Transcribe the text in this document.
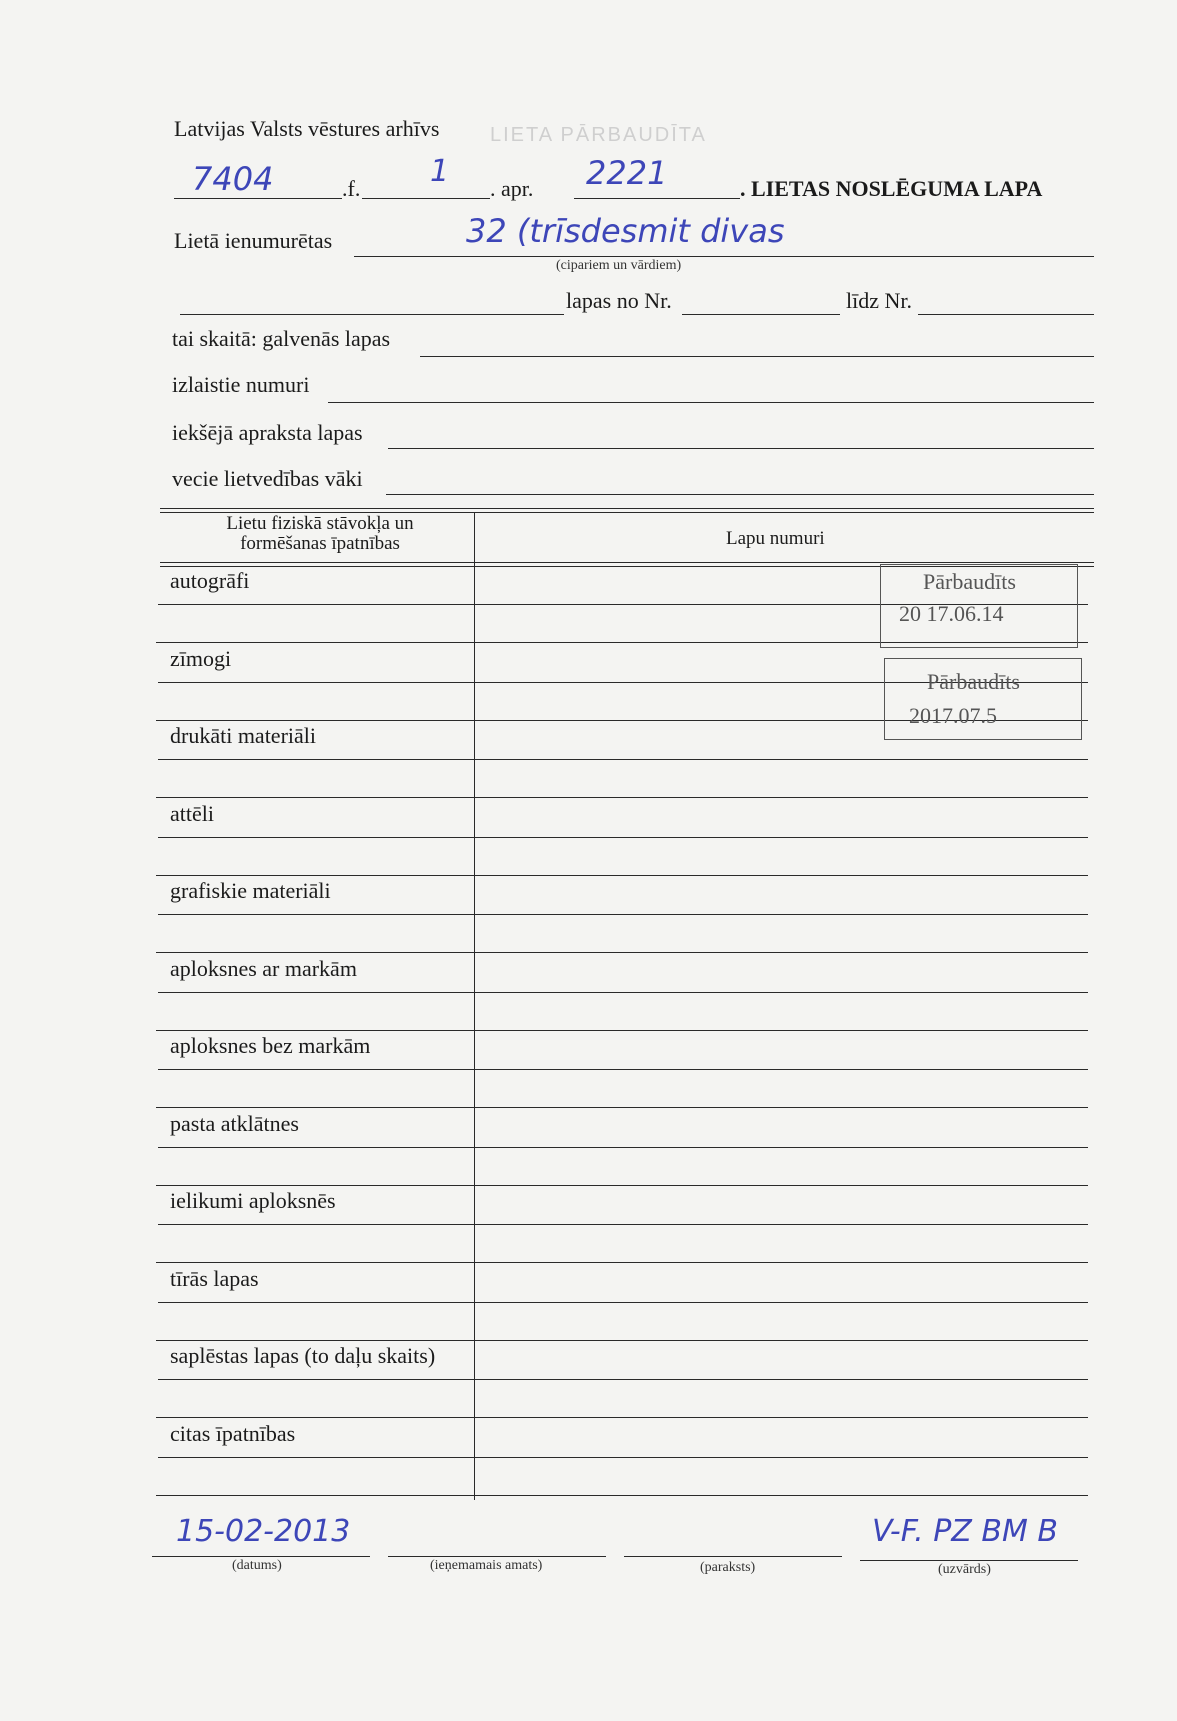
LIETA PĀRBAUDĪTA
Latvijas Valsts vēstures arhīvs
7404	.f. 1 . apr. 2221	. LIETAS NOSLĒGUMA LAPA
Lietā ienumurētas	32 (trīsdesmit divas
(cipariem un vārdiem)
lapas no Nr.	līdz Nr.
tai skaitā: galvenās lapas
izlaistie numuri
iekšējā apraksta lapas
vecie lietvedības vāki
Lietu fiziskā stāvokļa un formēšanas īpatnības	Lapu numuri
autogrāfi
zīmogi
drukāti materiāli
attēli
grafiskie materiāli
aploksnes ar markām
aploksnes bez markām
pasta atklātnes
ielikumi aploksnēs
tīrās lapas
saplēstas lapas (to daļu skaits)
citas īpatnības
Pārbaudīts
20 17.06.14
Pārbaudīts
2017.07.5
15-02-2013
(datums)	(ieņemamais amats)	(paraksts)
V-F. PZ BM B
(uzvārds)
